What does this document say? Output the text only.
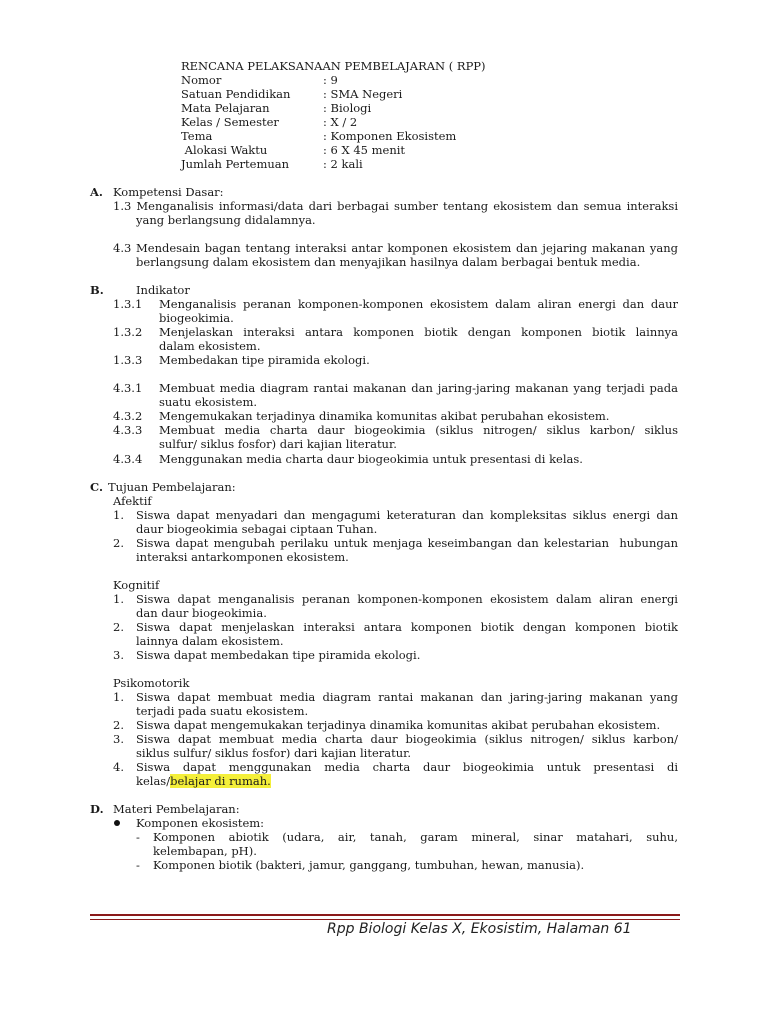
RENCANA PELAKSANAAN PEMBELAJARAN ( RPP)
Nomor	: 9
Satuan Pendidikan	: SMA Negeri
Mata Pelajaran	: Biologi
Kelas / Semester	: X / 2
Tema	: Komponen Ekosistem
Alokasi Waktu	: 6 X 45 menit
Jumlah Pertemuan	: 2 kali
A. Kompetensi Dasar:
1.3 Menganalisis informasi/data dari berbagai sumber tentang ekosistem dan semua interaksi
yang berlangsung didalamnya.
4.3 Mendesain bagan tentang interaksi antar komponen ekosistem dan jejaring makanan yang
berlangsung dalam ekosistem dan menyajikan hasilnya dalam berbagai bentuk media.
B.	Indikator
1.3.1 Menganalisis peranan komponen-komponen ekosistem dalam aliran energi dan daur
biogeokimia.
1.3.2 Menjelaskan interaksi antara komponen biotik dengan komponen biotik lainnya
dalam ekosistem.
1.3.3 Membedakan tipe piramida ekologi.
4.3.1 Membuat media diagram rantai makanan dan jaring-jaring makanan yang terjadi pada
suatu ekosistem.
4.3.2 Mengemukakan terjadinya dinamika komunitas akibat perubahan ekosistem.
4.3.3 Membuat media charta daur biogeokimia (siklus nitrogen/ siklus karbon/ siklus
sulfur/ siklus fosfor) dari kajian literatur.
4.3.4 Menggunakan media charta daur biogeokimia untuk presentasi di kelas.
C. Tujuan Pembelajaran:
Afektif
1. Siswa dapat menyadari dan mengagumi keteraturan dan kompleksitas siklus energi dan
daur biogeokimia sebagai ciptaan Tuhan.
2. Siswa dapat mengubah perilaku untuk menjaga keseimbangan dan kelestarian  hubungan
interaksi antarkomponen ekosistem.
Kognitif
1. Siswa dapat menganalisis peranan komponen-komponen ekosistem dalam aliran energi
dan daur biogeokimia.
2. Siswa dapat menjelaskan interaksi antara komponen biotik dengan komponen biotik
lainnya dalam ekosistem.
3. Siswa dapat membedakan tipe piramida ekologi.
Psikomotorik
1. Siswa dapat membuat media diagram rantai makanan dan jaring-jaring makanan yang
terjadi pada suatu ekosistem.
2. Siswa dapat mengemukakan terjadinya dinamika komunitas akibat perubahan ekosistem.
3. Siswa dapat membuat media charta daur biogeokimia (siklus nitrogen/ siklus karbon/
siklus sulfur/ siklus fosfor) dari kajian literatur.
4. Siswa dapat menggunakan media charta daur biogeokimia untuk presentasi di
kelas/belajar di rumah.
D. Materi Pembelajaran:
Komponen ekosistem:
- Komponen abiotik (udara, air, tanah, garam mineral, sinar matahari, suhu,
kelembapan, pH).
- Komponen biotik (bakteri, jamur, ganggang, tumbuhan, hewan, manusia).
Rpp Biologi Kelas X, Ekosistim, Halaman 61
